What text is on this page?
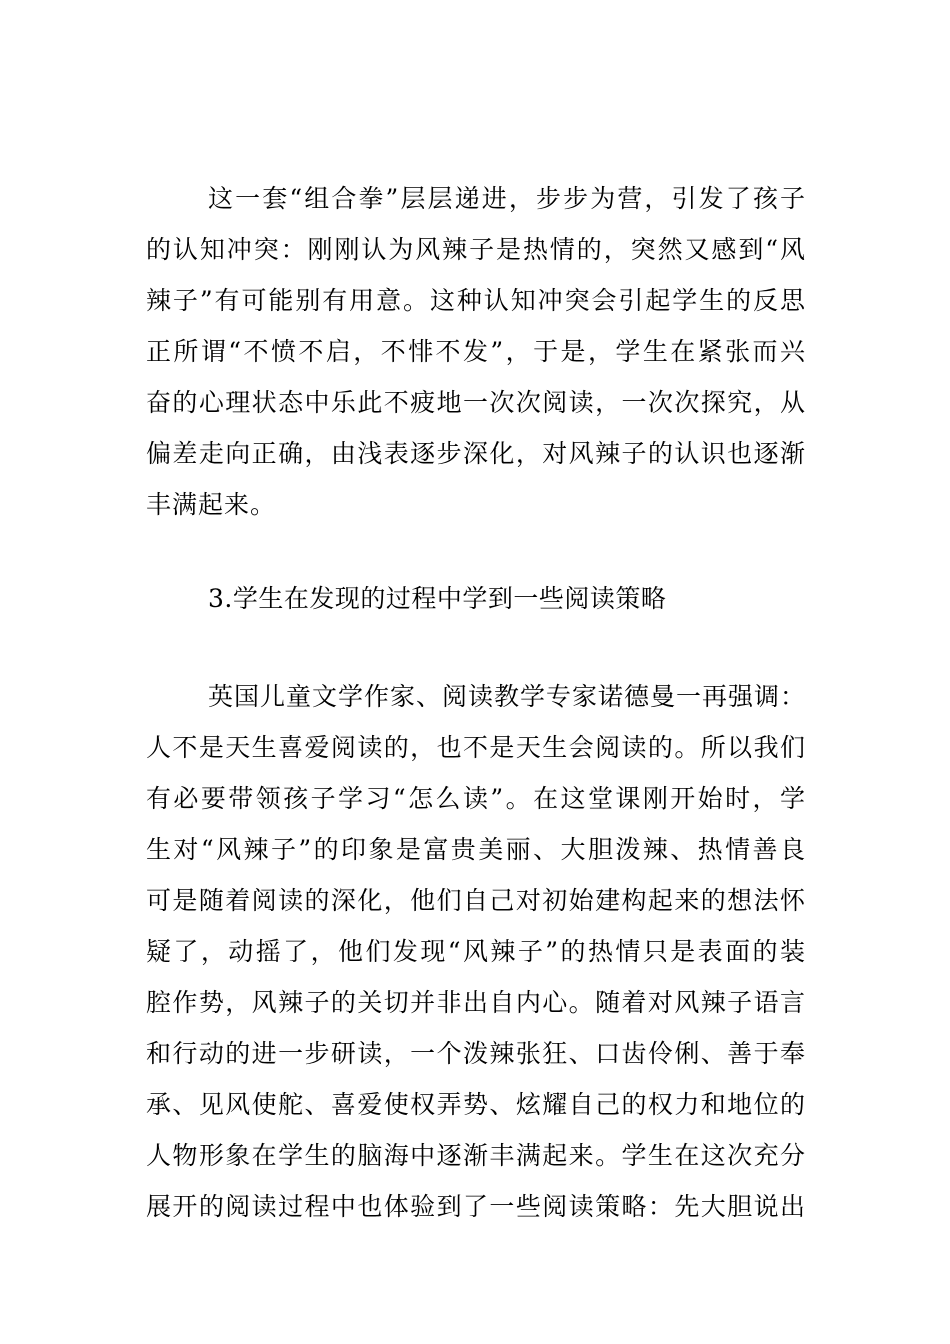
这一套“组合拳”层层递进，步步为营，引发了孩子
的认知冲突：刚刚认为风辣子是热情的，突然又感到“风
辣子”有可能别有用意。这种认知冲突会引起学生的反思
正所谓“不愤不启，不悱不发”，于是，学生在紧张而兴
奋的心理状态中乐此不疲地一次次阅读，一次次探究，从
偏差走向正确，由浅表逐步深化，对风辣子的认识也逐渐
丰满起来。
3.学生在发现的过程中学到一些阅读策略
英国儿童文学作家、阅读教学专家诺德曼一再强调：
人不是天生喜爱阅读的，也不是天生会阅读的。所以我们
有必要带领孩子学习“怎么读”。在这堂课刚开始时，学
生对“风辣子”的印象是富贵美丽、大胆泼辣、热情善良
可是随着阅读的深化，他们自己对初始建构起来的想法怀
疑了，动摇了，他们发现“风辣子”的热情只是表面的装
腔作势，风辣子的关切并非出自内心。随着对风辣子语言
和行动的进一步研读，一个泼辣张狂、口齿伶俐、善于奉
承、见风使舵、喜爱使权弄势、炫耀自己的权力和地位的
人物形象在学生的脑海中逐渐丰满起来。学生在这次充分
展开的阅读过程中也体验到了一些阅读策略：先大胆说出
